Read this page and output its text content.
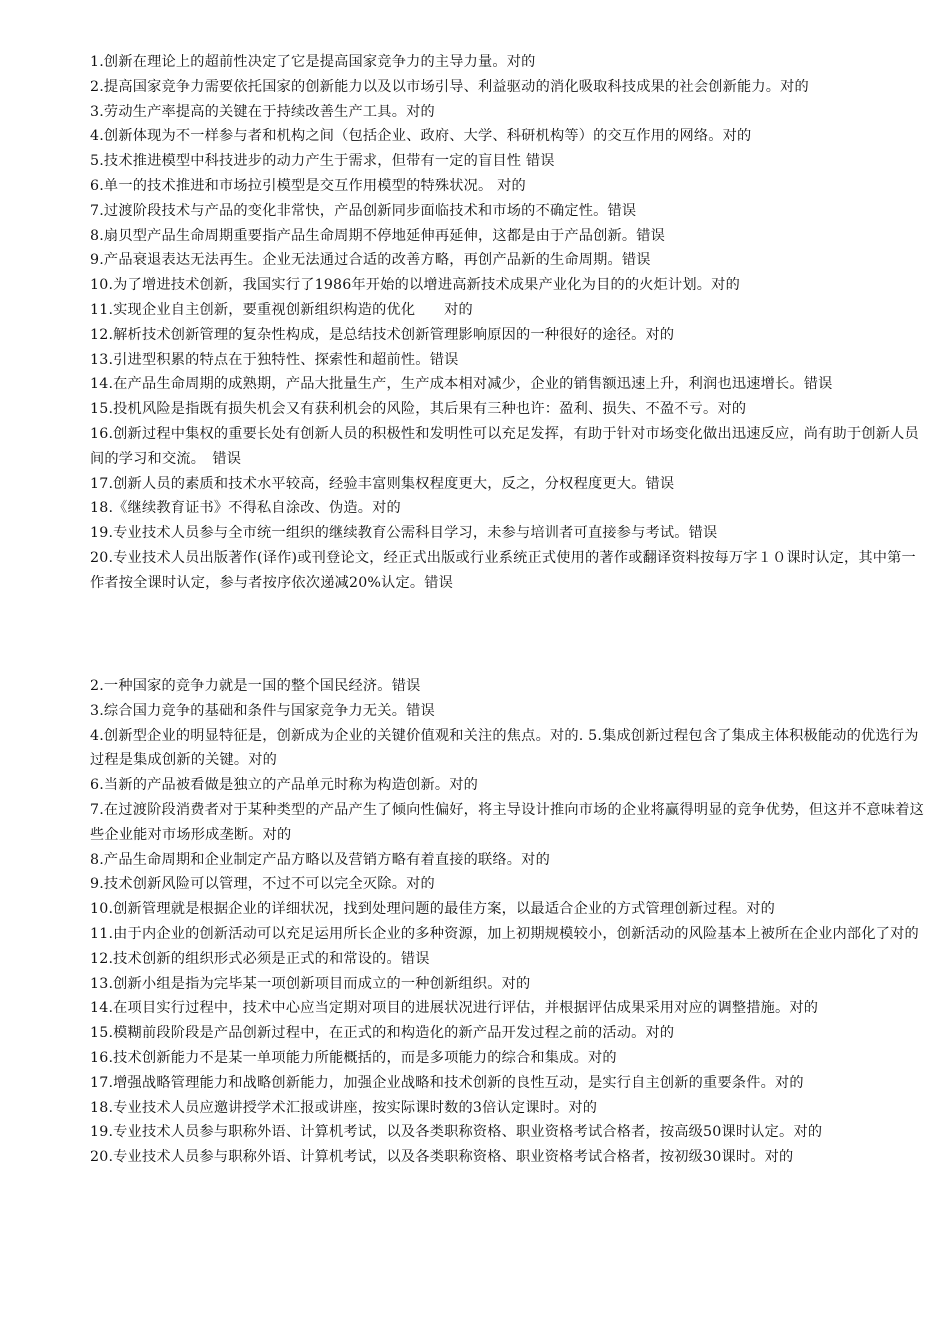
1.创新在理论上的超前性决定了它是提高国家竞争力的主导力量。对的

2.提高国家竞争力需要依托国家的创新能力以及以市场引导、利益驱动的消化吸取科技成果的社会创新能力。对的

3.劳动生产率提高的关键在于持续改善生产工具。对的

4.创新体现为不一样参与者和机构之间（包括企业、政府、大学、科研机构等）的交互作用的网络。对的

5.技术推进模型中科技进步的动力产生于需求，但带有一定的盲目性 错误

6.单一的技术推进和市场拉引模型是交互作用模型的特殊状况。 对的

7.过渡阶段技术与产品的变化非常快，产品创新同步面临技术和市场的不确定性。错误

8.扇贝型产品生命周期重要指产品生命周期不停地延伸再延伸，这都是由于产品创新。错误

9.产品衰退表达无法再生。企业无法通过合适的改善方略，再创产品新的生命周期。错误

10.为了增进技术创新，我国实行了1986年开始的以增进高新技术成果产业化为目的的火炬计划。对的

11.实现企业自主创新，要重视创新组织构造的优化　　对的

12.解析技术创新管理的复杂性构成，是总结技术创新管理影响原因的一种很好的途径。对的

13.引进型积累的特点在于独特性、探索性和超前性。错误

14.在产品生命周期的成熟期，产品大批量生产，生产成本相对减少，企业的销售额迅速上升，利润也迅速增长。错误

15.投机风险是指既有损失机会又有获利机会的风险，其后果有三种也许：盈利、损失、不盈不亏。对的

16.创新过程中集权的重要长处有创新人员的积极性和发明性可以充足发挥，有助于针对市场变化做出迅速反应，尚有助于创新人员间的学习和交流。　错误

17.创新人员的素质和技术水平较高，经验丰富则集权程度更大，反之，分权程度更大。错误

18.《继续教育证书》不得私自涂改、伪造。对的

19.专业技术人员参与全市统一组织的继续教育公需科目学习，未参与培训者可直接参与考试。错误

20.专业技术人员出版著作(译作)或刊登论文，经正式出版或行业系统正式使用的著作或翻译资料按每万字１０课时认定，其中第一作者按全课时认定，参与者按序依次递减20%认定。错误

2.一种国家的竞争力就是一国的整个国民经济。错误

3.综合国力竞争的基础和条件与国家竞争力无关。错误

4.创新型企业的明显特征是，创新成为企业的关键价值观和关注的焦点。对的. 5.集成创新过程包含了集成主体积极能动的优选行为过程是集成创新的关键。对的

6.当新的产品被看做是独立的产品单元时称为构造创新。对的

7.在过渡阶段消费者对于某种类型的产品产生了倾向性偏好，将主导设计推向市场的企业将赢得明显的竞争优势，但这并不意味着这些企业能对市场形成垄断。对的

8.产品生命周期和企业制定产品方略以及营销方略有着直接的联络。对的

9.技术创新风险可以管理，不过不可以完全灭除。对的

10.创新管理就是根据企业的详细状况，找到处理问题的最佳方案，以最适合企业的方式管理创新过程。对的

11.由于内企业的创新活动可以充足运用所长企业的多种资源，加上初期规模较小，创新活动的风险基本上被所在企业内部化了对的

12.技术创新的组织形式必须是正式的和常设的。错误

13.创新小组是指为完毕某一项创新项目而成立的一种创新组织。对的

14.在项目实行过程中，技术中心应当定期对项目的进展状况进行评估，并根据评估成果采用对应的调整措施。对的

15.模糊前段阶段是产品创新过程中，在正式的和构造化的新产品开发过程之前的活动。对的

16.技术创新能力不是某一单项能力所能概括的，而是多项能力的综合和集成。对的

17.增强战略管理能力和战略创新能力，加强企业战略和技术创新的良性互动，是实行自主创新的重要条件。对的

18.专业技术人员应邀讲授学术汇报或讲座，按实际课时数的3倍认定课时。对的

19.专业技术人员参与职称外语、计算机考试，以及各类职称资格、职业资格考试合格者，按高级50课时认定。对的

20.专业技术人员参与职称外语、计算机考试，以及各类职称资格、职业资格考试合格者，按初级30课时。对的
